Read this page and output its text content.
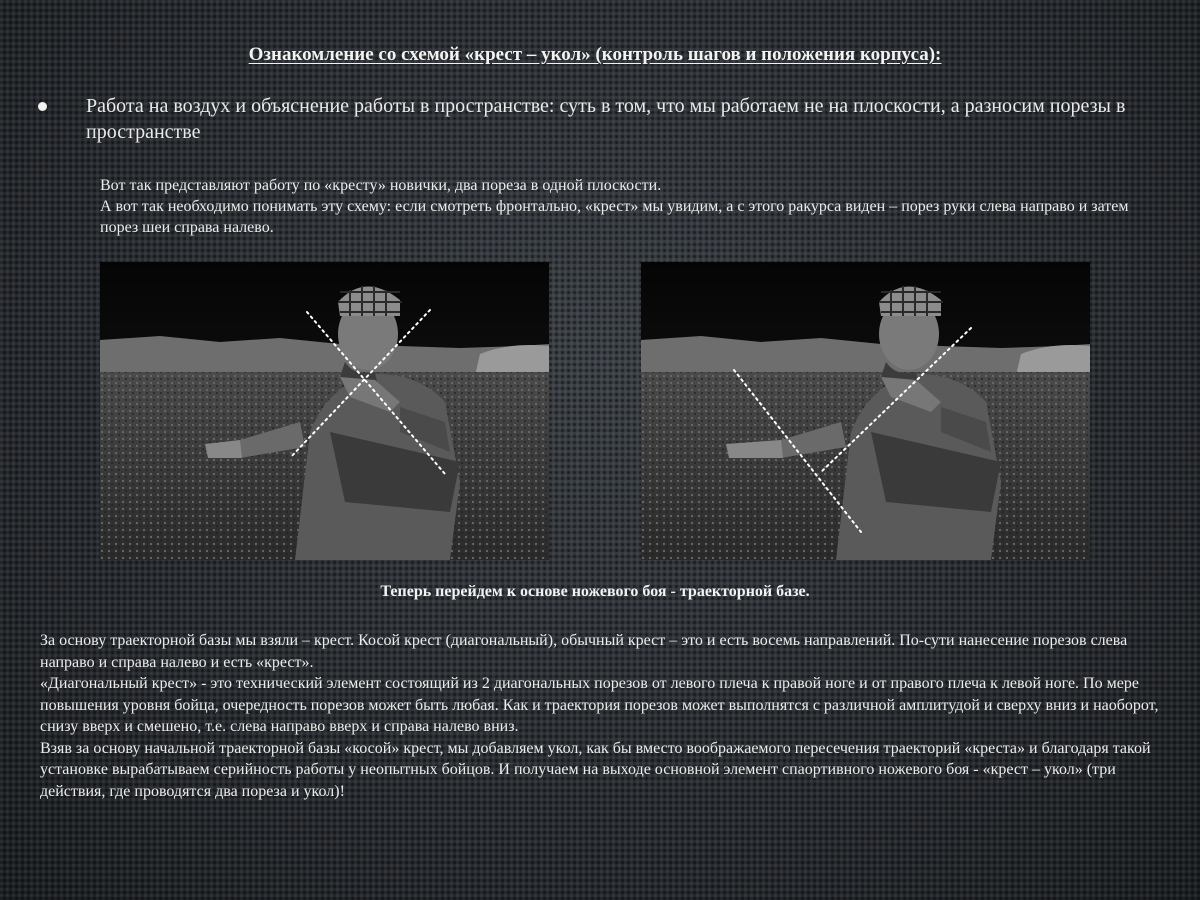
Ознакомление со схемой «крест – укол» (контроль шагов и положения корпуса):
Работа на воздух и объяснение работы в пространстве: суть в том, что мы работаем не на плоскости, а разносим порезы в пространстве

Вот так представляют работу по «кресту» новички, два пореза в одной плоскости.

А вот так необходимо понимать эту схему: если смотреть фронтально, «крест» мы увидим, а с этого ракурса виден – порез руки слева направо и затем порез шеи справа налево.

Теперь перейдем к основе ножевого боя - траекторной базе.

За основу траекторной базы мы взяли – крест. Косой крест (диагональный), обычный крест – это и есть восемь направлений. По-сути нанесение порезов слева направо и справа налево и есть «крест».

«Диагональный крест» - это технический элемент состоящий из 2 диагональных порезов от левого плеча к правой ноге и от правого плеча к левой ноге. По мере повышения уровня бойца, очередность порезов может быть любая. Как и траектория порезов может выполнятся с различной амплитудой и сверху вниз и наоборот, снизу вверх и смешено, т.е. слева направо вверх и справа налево вниз.

Взяв за основу начальной траекторной базы «косой» крест, мы добавляем укол, как бы вместо воображаемого пересечения траекторий «креста» и благодаря такой установке вырабатываем серийность работы у неопытных бойцов. И получаем на выходе основной элемент спаортивного ножевого боя - «крест – укол» (три действия, где проводятся два пореза и укол)!
